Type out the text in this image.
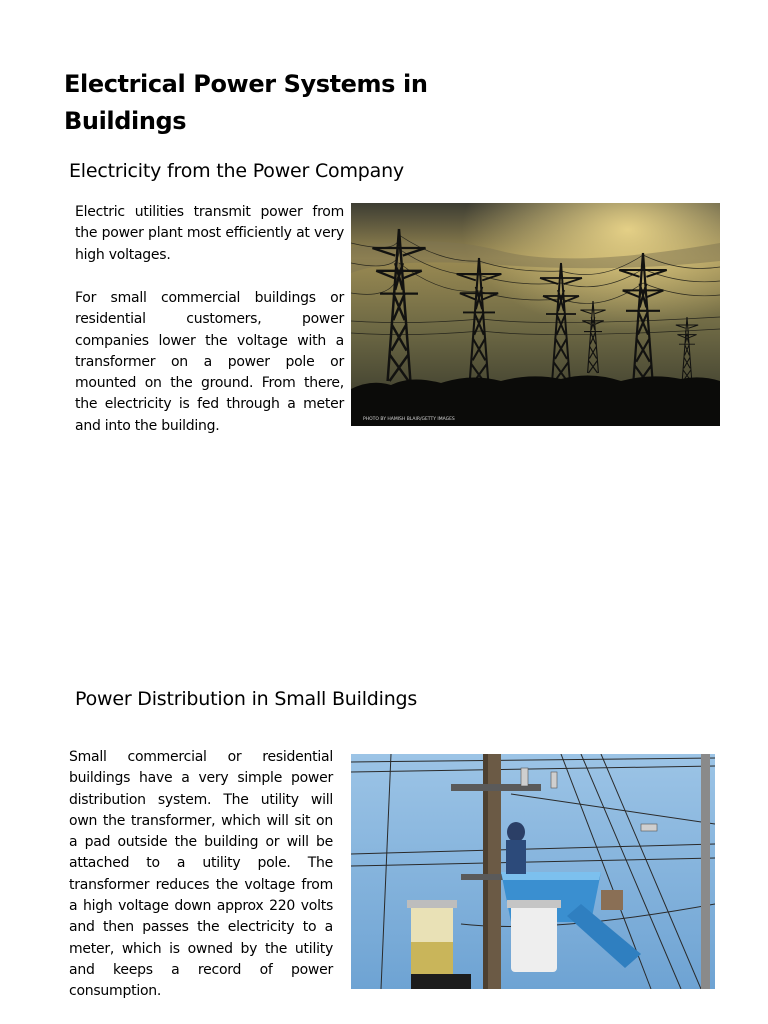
Electrical Power Systems in Buildings
Electricity from the Power Company

Electric utilities transmit power from the power plant most efficiently at very high voltages.

For small commercial buildings or residential customers, power companies lower the voltage with a transformer on a power pole or mounted on the ground. From there, the electricity is fed through a meter and into the building.	PHOTO BY HAMISH BLAIR/GETTY IMAGES
Power Distribution in Small Buildings

Small commercial or residential buildings have a very simple power distribution system. The utility will own the transformer, which will sit on a pad outside the building or will be attached to a utility pole. The transformer reduces the voltage from a high voltage down approx 220 volts and then passes the electricity to a meter, which is owned by the utility and keeps a record of power consumption.
